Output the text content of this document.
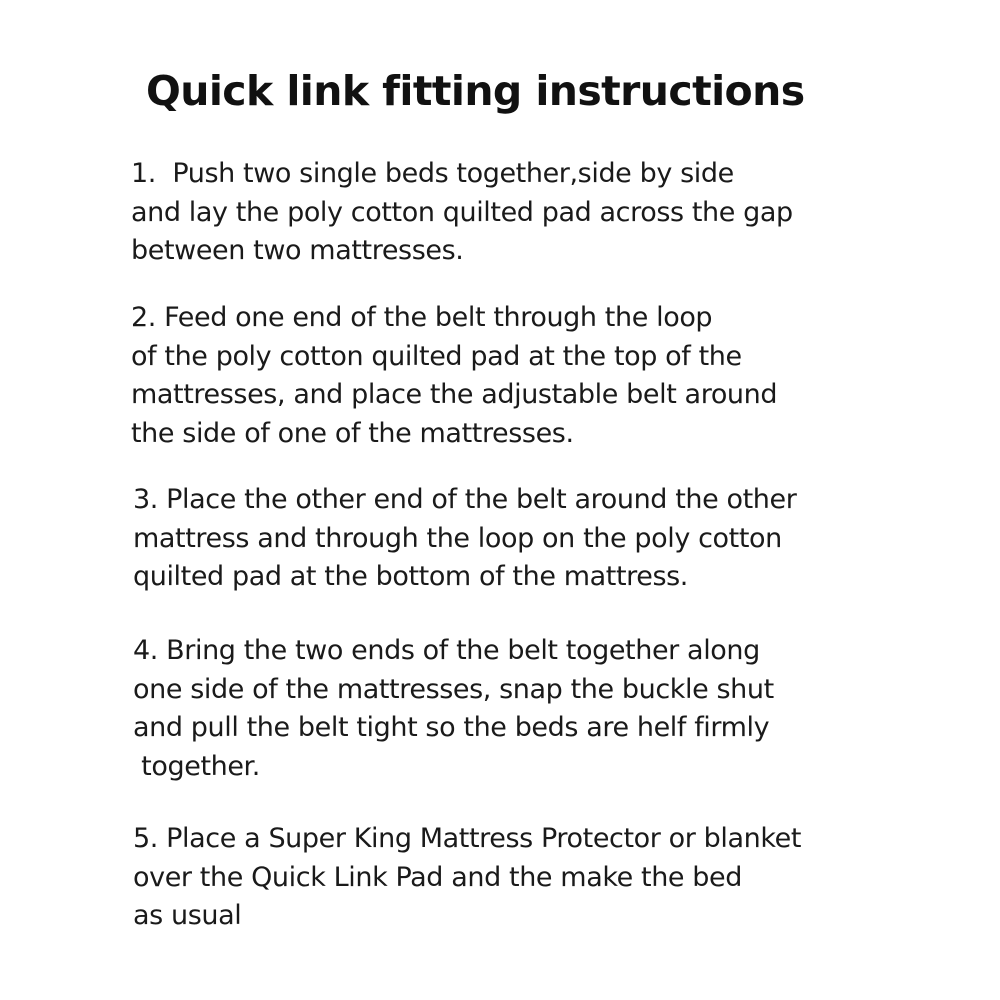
Quick link fitting instructions
1.  Push two single beds together,side by side
and lay the poly cotton quilted pad across the gap
between two mattresses.
2. Feed one end of the belt through the loop
of the poly cotton quilted pad at the top of the
mattresses, and place the adjustable belt around
the side of one of the mattresses.
3. Place the other end of the belt around the other
mattress and through the loop on the poly cotton
quilted pad at the bottom of the mattress.
4. Bring the two ends of the belt together along
one side of the mattresses, snap the buckle shut
and pull the belt tight so the beds are helf firmly
together.
5. Place a Super King Mattress Protector or blanket
over the Quick Link Pad and the make the bed
as usual
